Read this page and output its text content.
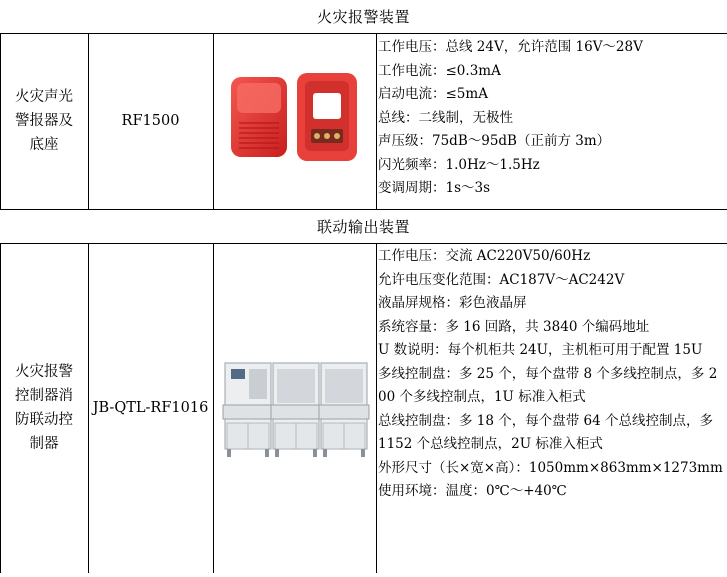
火灾报警装置
火灾声光
警报器及
底座
RF1500
工作电压：总线 24V，允许范围 16V～28V
工作电流：≤0.3mA
启动电流：≤5mA
总线：二线制，无极性
声压级：75dB～95dB（正前方 3m）
闪光频率：1.0Hz～1.5Hz
变调周期：1s～3s
联动输出装置
火灾报警
控制器消
防联动控
制器
JB-QTL-RF1016
工作电压：交流 AC220V50/60Hz
允许电压变化范围：AC187V～AC242V
液晶屏规格：彩色液晶屏
系统容量：多 16 回路，共 3840 个编码地址
U 数说明：每个机柜共 24U，主机柜可用于配置 15U
多线控制盘：多 25 个，每个盘带 8 个多线控制点，多 200 个多线控制点，1U 标准入柜式
总线控制盘：多 18 个，每个盘带 64 个总线控制点，多 1152 个总线控制点，2U 标准入柜式
外形尺寸（长×宽×高）：1050mm×863mm×1273mm
使用环境：温度：0℃～+40℃
